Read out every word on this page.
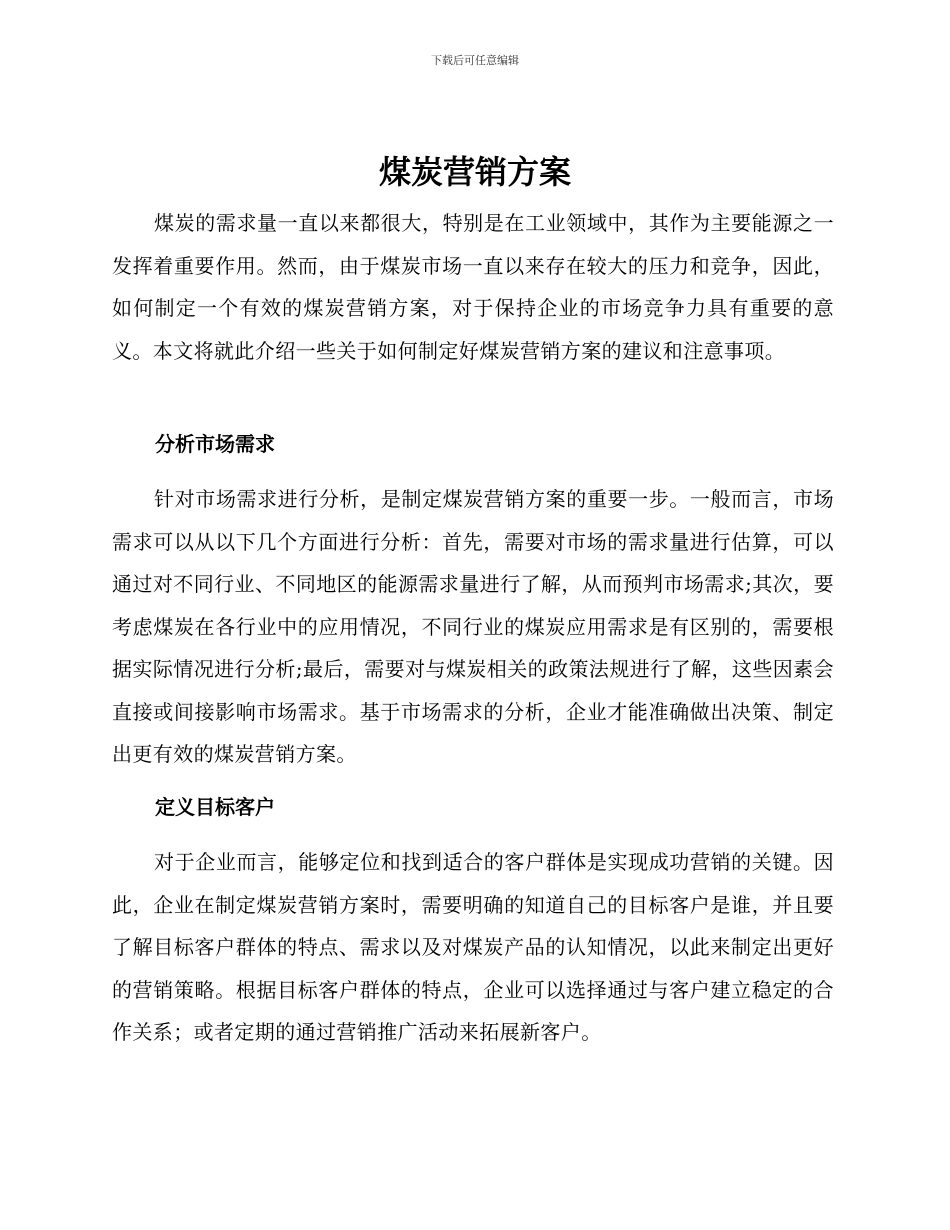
下载后可任意编辑
煤炭营销方案

煤炭的需求量一直以来都很大，特别是在工业领域中，其作为主要能源之一发挥着重要作用。然而，由于煤炭市场一直以来存在较大的压力和竞争，因此，如何制定一个有效的煤炭营销方案，对于保持企业的市场竞争力具有重要的意义。本文将就此介绍一些关于如何制定好煤炭营销方案的建议和注意事项。

分析市场需求

针对市场需求进行分析，是制定煤炭营销方案的重要一步。一般而言，市场需求可以从以下几个方面进行分析：首先，需要对市场的需求量进行估算，可以通过对不同行业、不同地区的能源需求量进行了解，从而预判市场需求;其次，要考虑煤炭在各行业中的应用情况，不同行业的煤炭应用需求是有区别的，需要根据实际情况进行分析;最后，需要对与煤炭相关的政策法规进行了解，这些因素会直接或间接影响市场需求。基于市场需求的分析，企业才能准确做出决策、制定出更有效的煤炭营销方案。

定义目标客户

对于企业而言，能够定位和找到适合的客户群体是实现成功营销的关键。因此，企业在制定煤炭营销方案时，需要明确的知道自己的目标客户是谁，并且要了解目标客户群体的特点、需求以及对煤炭产品的认知情况，以此来制定出更好的营销策略。根据目标客户群体的特点，企业可以选择通过与客户建立稳定的合作关系；或者定期的通过营销推广活动来拓展新客户。
